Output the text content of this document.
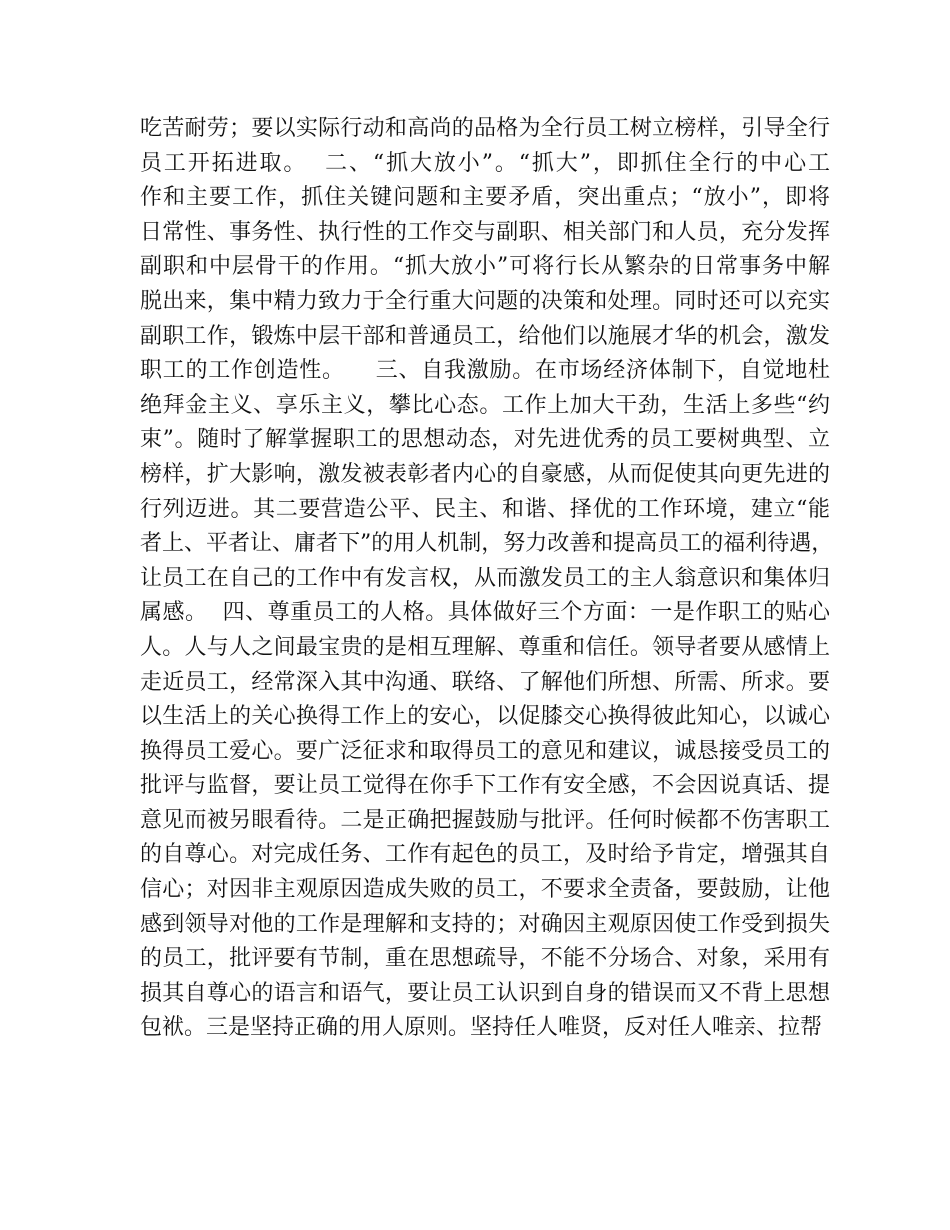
吃苦耐劳；要以实际行动和高尚的品格为全行员工树立榜样，引导全行
员工开拓进取。  二、“抓大放小”。“抓大”，即抓住全行的中心工
作和主要工作，抓住关键问题和主要矛盾，突出重点；“放小”，即将
日常性、事务性、执行性的工作交与副职、相关部门和人员，充分发挥
副职和中层骨干的作用。“抓大放小”可将行长从繁杂的日常事务中解
脱出来，集中精力致力于全行重大问题的决策和处理。同时还可以充实
副职工作，锻炼中层干部和普通员工，给他们以施展才华的机会，激发
职工的工作创造性。    三、自我激励。在市场经济体制下，自觉地杜
绝拜金主义、享乐主义，攀比心态。工作上加大干劲，生活上多些“约
束”。随时了解掌握职工的思想动态，对先进优秀的员工要树典型、立
榜样，扩大影响，激发被表彰者内心的自豪感，从而促使其向更先进的
行列迈进。其二要营造公平、民主、和谐、择优的工作环境，建立“能
者上、平者让、庸者下”的用人机制，努力改善和提高员工的福利待遇，
让员工在自己的工作中有发言权，从而激发员工的主人翁意识和集体归
属感。  四、尊重员工的人格。具体做好三个方面：一是作职工的贴心
人。人与人之间最宝贵的是相互理解、尊重和信任。领导者要从感情上
走近员工，经常深入其中沟通、联络、了解他们所想、所需、所求。要
以生活上的关心换得工作上的安心，以促膝交心换得彼此知心，以诚心
换得员工爱心。要广泛征求和取得员工的意见和建议，诚恳接受员工的
批评与监督，要让员工觉得在你手下工作有安全感，不会因说真话、提
意见而被另眼看待。二是正确把握鼓励与批评。任何时候都不伤害职工
的自尊心。对完成任务、工作有起色的员工，及时给予肯定，增强其自
信心；对因非主观原因造成失败的员工，不要求全责备，要鼓励，让他
感到领导对他的工作是理解和支持的；对确因主观原因使工作受到损失
的员工，批评要有节制，重在思想疏导，不能不分场合、对象，采用有
损其自尊心的语言和语气，要让员工认识到自身的错误而又不背上思想
包袱。三是坚持正确的用人原则。坚持任人唯贤，反对任人唯亲、拉帮
